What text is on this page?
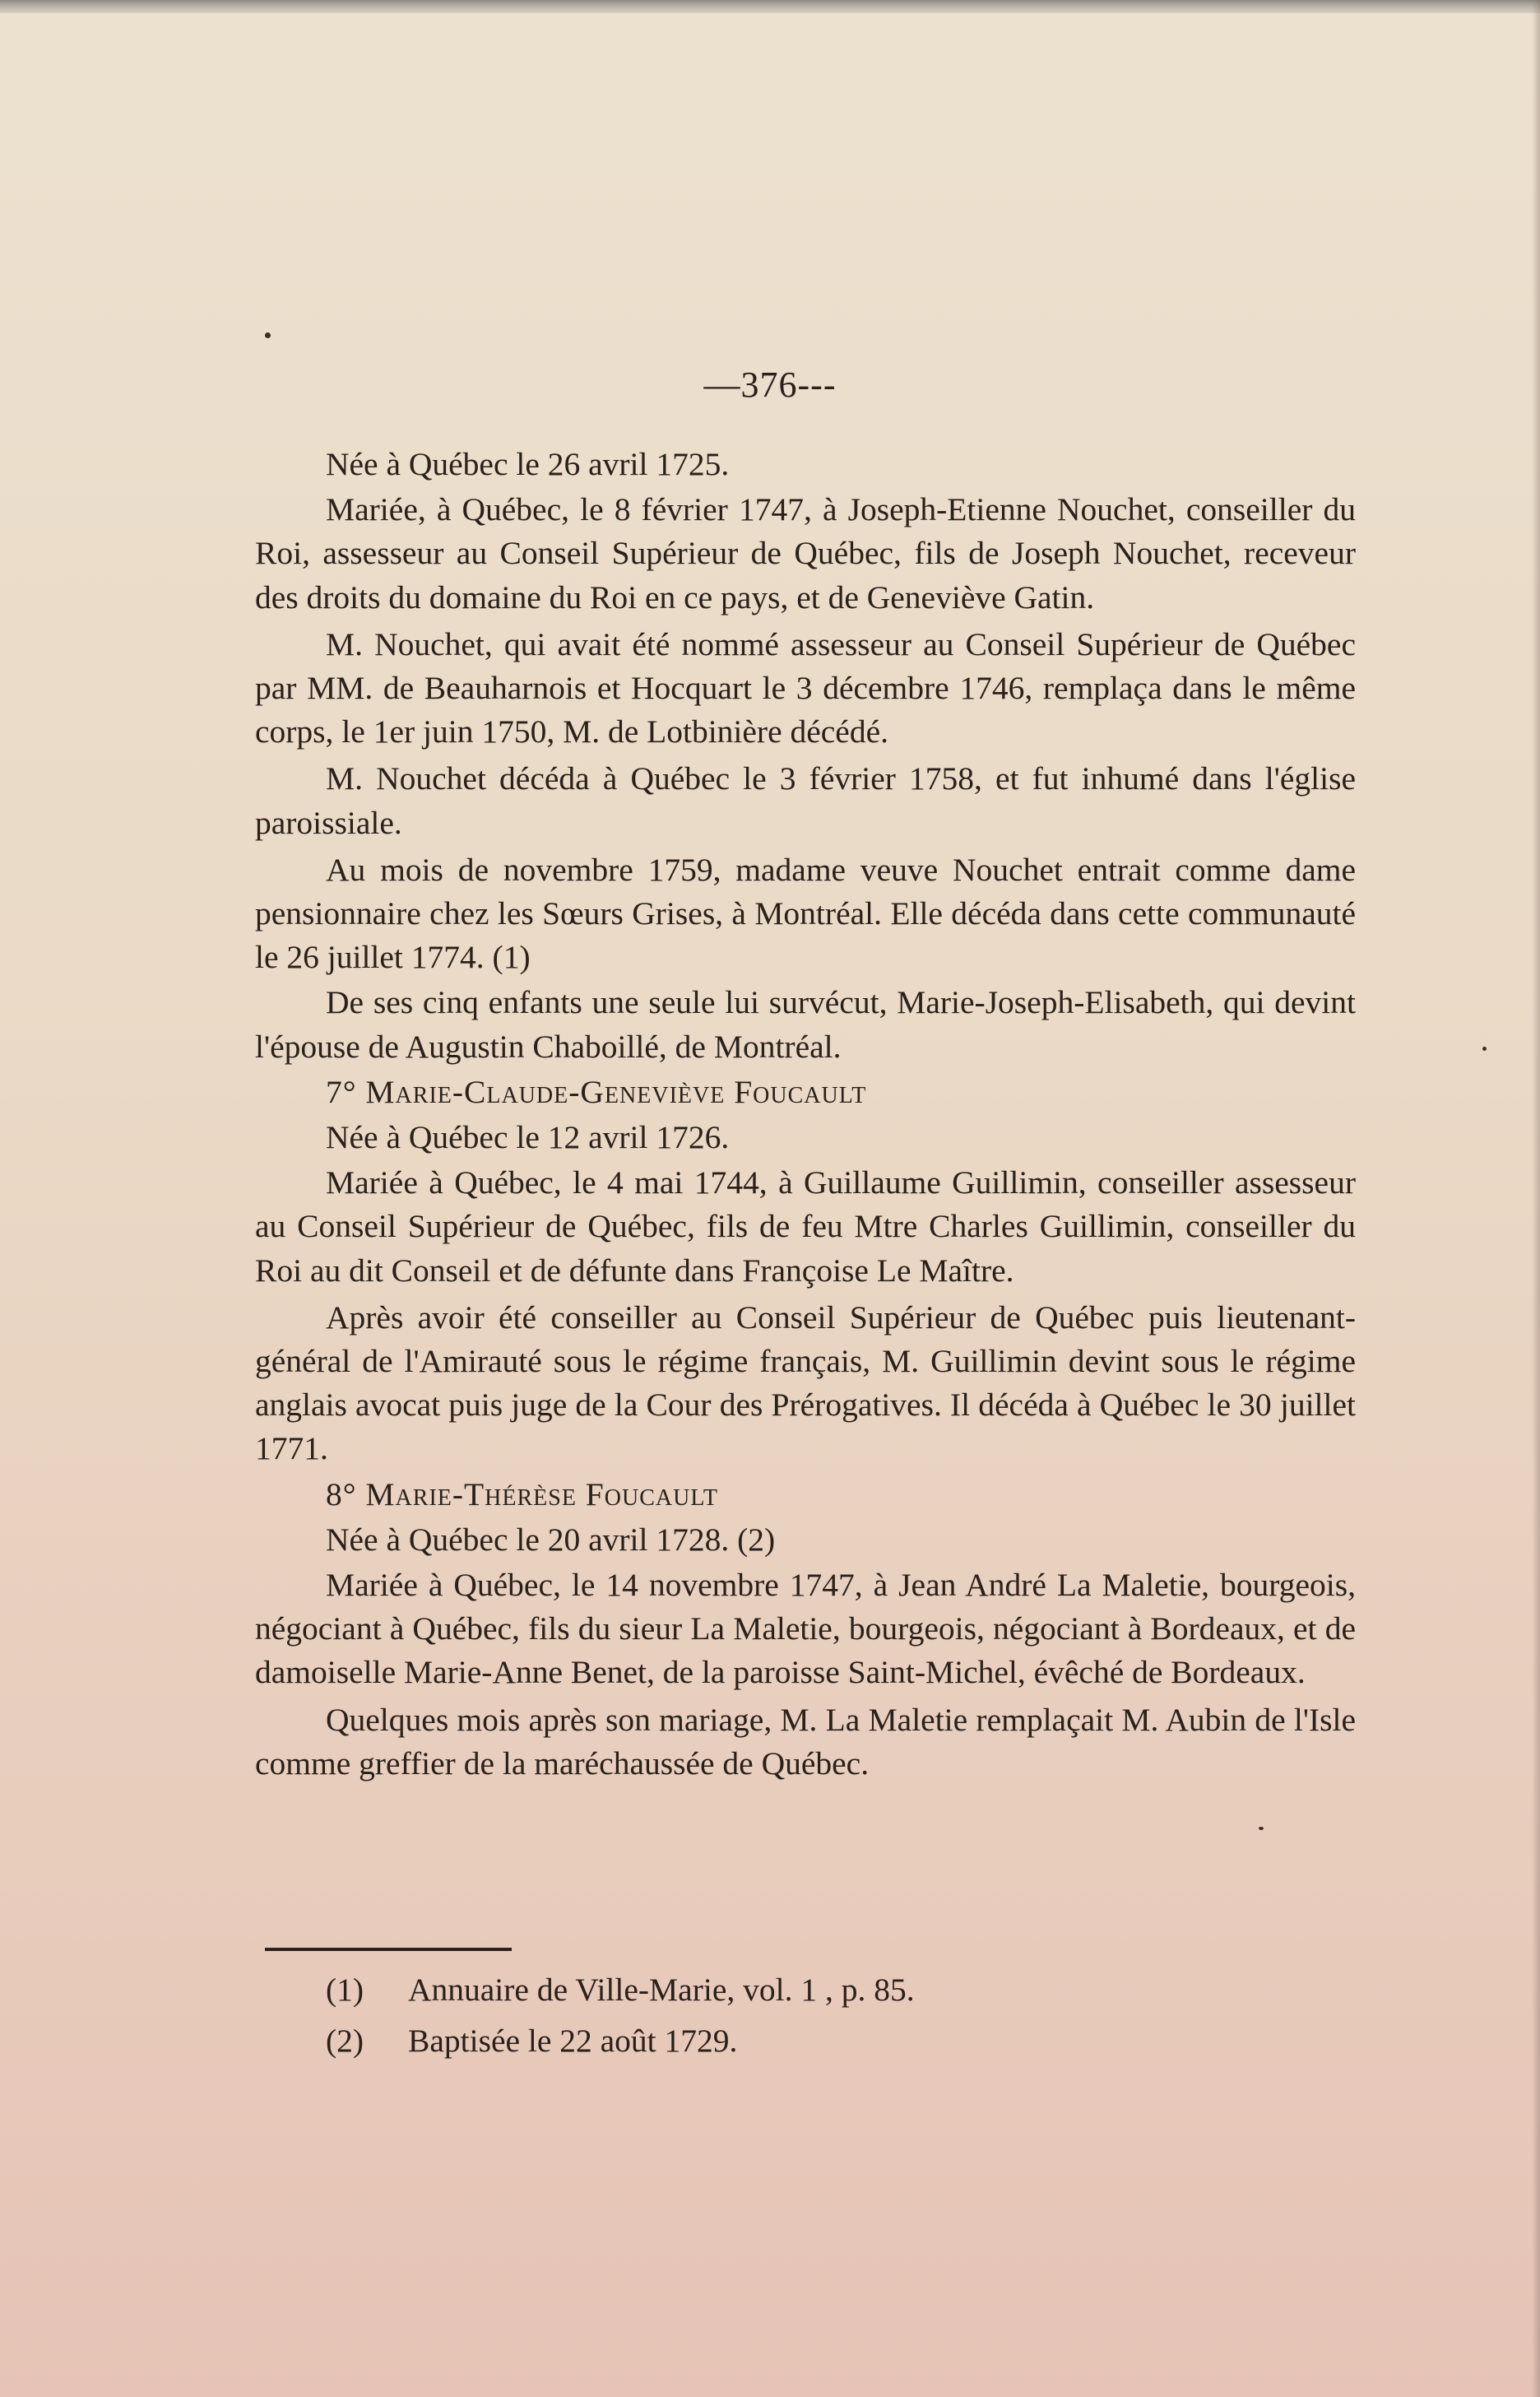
—376---

Née à Québec le 26 avril 1725.

Mariée, à Québec, le 8 février 1747, à Joseph-Etienne Nouchet, conseiller du Roi, assesseur au Conseil Supérieur de Québec, fils de Joseph Nouchet, receveur des droits du domaine du Roi en ce pays, et de Geneviève Gatin.

M. Nouchet, qui avait été nommé assesseur au Conseil Supérieur de Québec par MM. de Beauharnois et Hocquart le 3 décembre 1746, remplaça dans le même corps, le 1er juin 1750, M. de Lotbinière décédé.

M. Nouchet décéda à Québec le 3 février 1758, et fut inhumé dans l'église paroissiale.

Au mois de novembre 1759, madame veuve Nouchet entrait comme dame pensionnaire chez les Sœurs Grises, à Montréal. Elle décéda dans cette communauté le 26 juillet 1774. (1)

De ses cinq enfants une seule lui survécut, Marie-Joseph-Elisabeth, qui devint l'épouse de Augustin Chaboillé, de Montréal.

7° Marie-Claude-Geneviève Foucault

Née à Québec le 12 avril 1726.

Mariée à Québec, le 4 mai 1744, à Guillaume Guillimin, conseiller assesseur au Conseil Supérieur de Québec, fils de feu Mtre Charles Guillimin, conseiller du Roi au dit Conseil et de défunte dans Françoise Le Maître.

Après avoir été conseiller au Conseil Supérieur de Québec puis lieutenant-général de l'Amirauté sous le régime français, M. Guillimin devint sous le régime anglais avocat puis juge de la Cour des Prérogatives. Il décéda à Québec le 30 juillet 1771.

8° Marie-Thérèse Foucault

Née à Québec le 20 avril 1728. (2)

Mariée à Québec, le 14 novembre 1747, à Jean André La Maletie, bourgeois, négociant à Québec, fils du sieur La Maletie, bourgeois, négociant à Bordeaux, et de damoiselle Marie-Anne Benet, de la paroisse Saint-Michel, évêché de Bordeaux.

Quelques mois après son mariage, M. La Maletie remplaçait M. Aubin de l'Isle comme greffier de la maréchaussée de Québec.

(1) Annuaire de Ville-Marie, vol. 1 , p. 85.

(2) Baptisée le 22 août 1729.
